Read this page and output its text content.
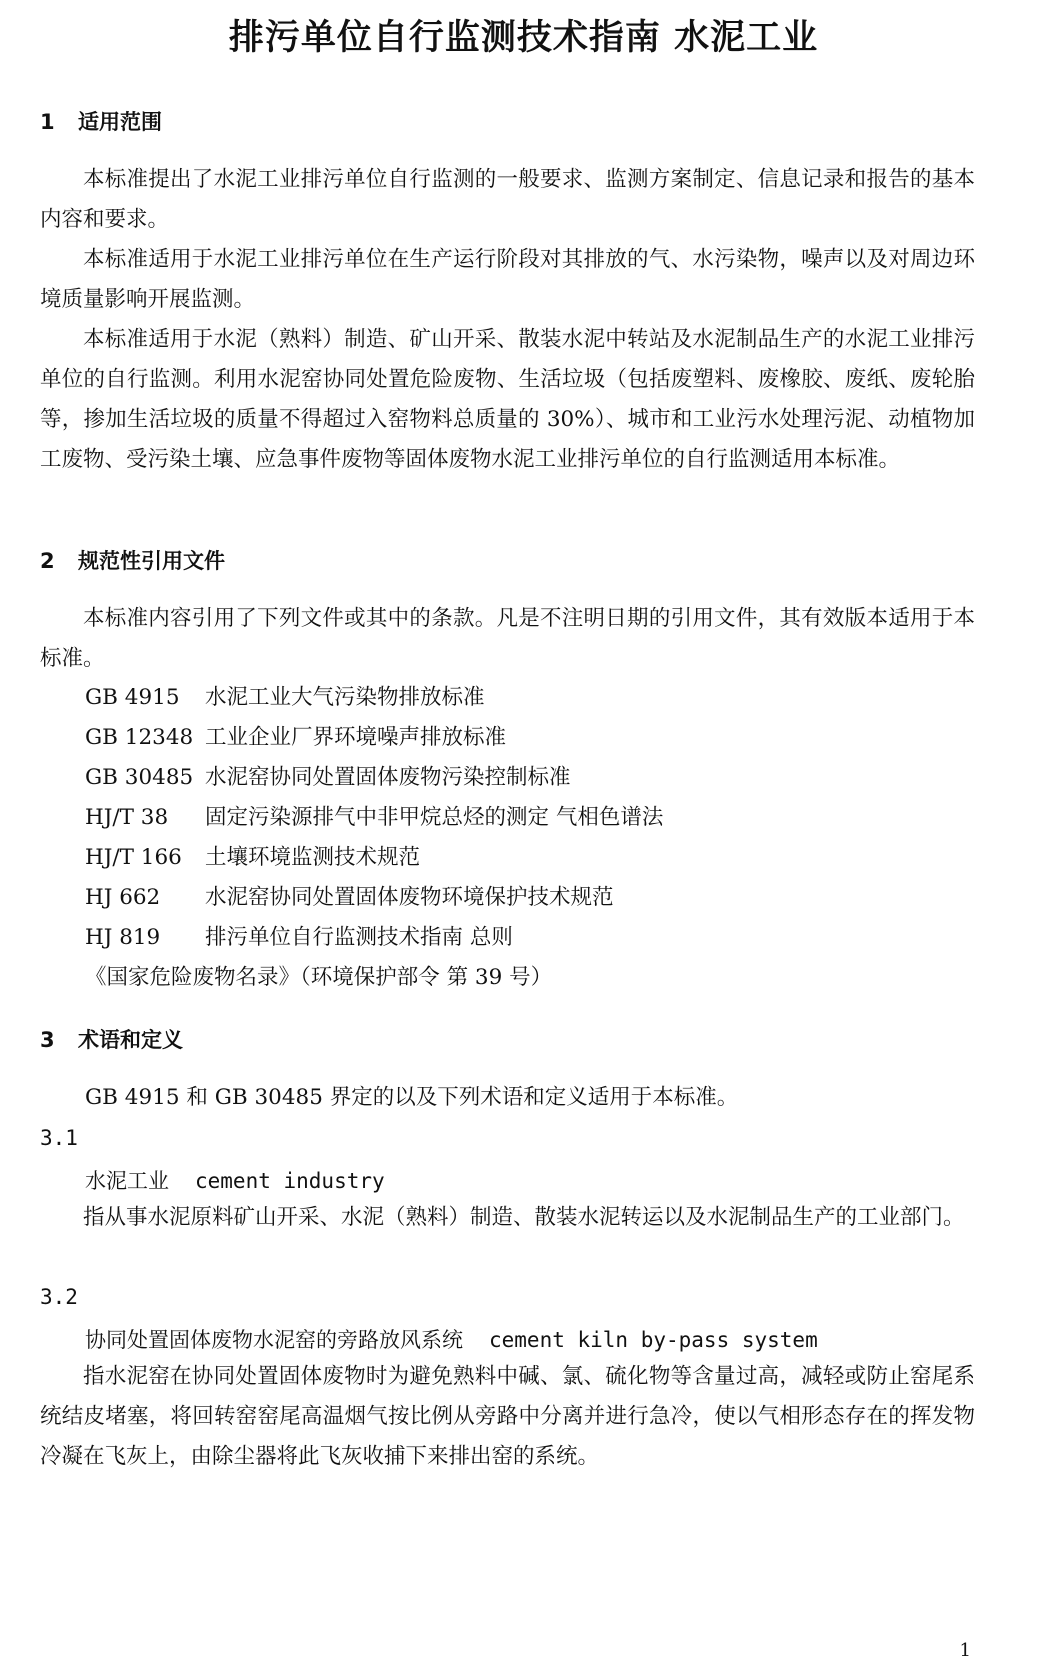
排污单位自行监测技术指南 水泥工业
1 适用范围

本标准提出了水泥工业排污单位自行监测的一般要求、监测方案制定、信息记录和报告的基本内容和要求。

本标准适用于水泥工业排污单位在生产运行阶段对其排放的气、水污染物，噪声以及对周边环境质量影响开展监测。

本标准适用于水泥（熟料）制造、矿山开采、散装水泥中转站及水泥制品生产的水泥工业排污单位的自行监测。利用水泥窑协同处置危险废物、生活垃圾（包括废塑料、废橡胶、废纸、废轮胎等，掺加生活垃圾的质量不得超过入窑物料总质量的 30%）、城市和工业污水处理污泥、动植物加工废物、受污染土壤、应急事件废物等固体废物水泥工业排污单位的自行监测适用本标准。

2 规范性引用文件

本标准内容引用了下列文件或其中的条款。凡是不注明日期的引用文件，其有效版本适用于本标准。

GB 4915 水泥工业大气污染物排放标准
GB 12348 工业企业厂界环境噪声排放标准
GB 30485 水泥窑协同处置固体废物污染控制标准
HJ/T 38 固定污染源排气中非甲烷总烃的测定 气相色谱法
HJ/T 166 土壤环境监测技术规范
HJ 662 水泥窑协同处置固体废物环境保护技术规范
HJ 819 排污单位自行监测技术指南 总则
《国家危险废物名录》（环境保护部令 第 39 号）
3 术语和定义
GB 4915 和 GB 30485 界定的以及下列术语和定义适用于本标准。
3.1
水泥工业 cement industry

指从事水泥原料矿山开采、水泥（熟料）制造、散装水泥转运以及水泥制品生产的工业部门。

3.2
协同处置固体废物水泥窑的旁路放风系统 cement kiln by-pass system

指水泥窑在协同处置固体废物时为避免熟料中碱、氯、硫化物等含量过高，减轻或防止窑尾系统结皮堵塞，将回转窑窑尾高温烟气按比例从旁路中分离并进行急冷，使以气相形态存在的挥发物冷凝在飞灰上，由除尘器将此飞灰收捕下来排出窑的系统。

1
